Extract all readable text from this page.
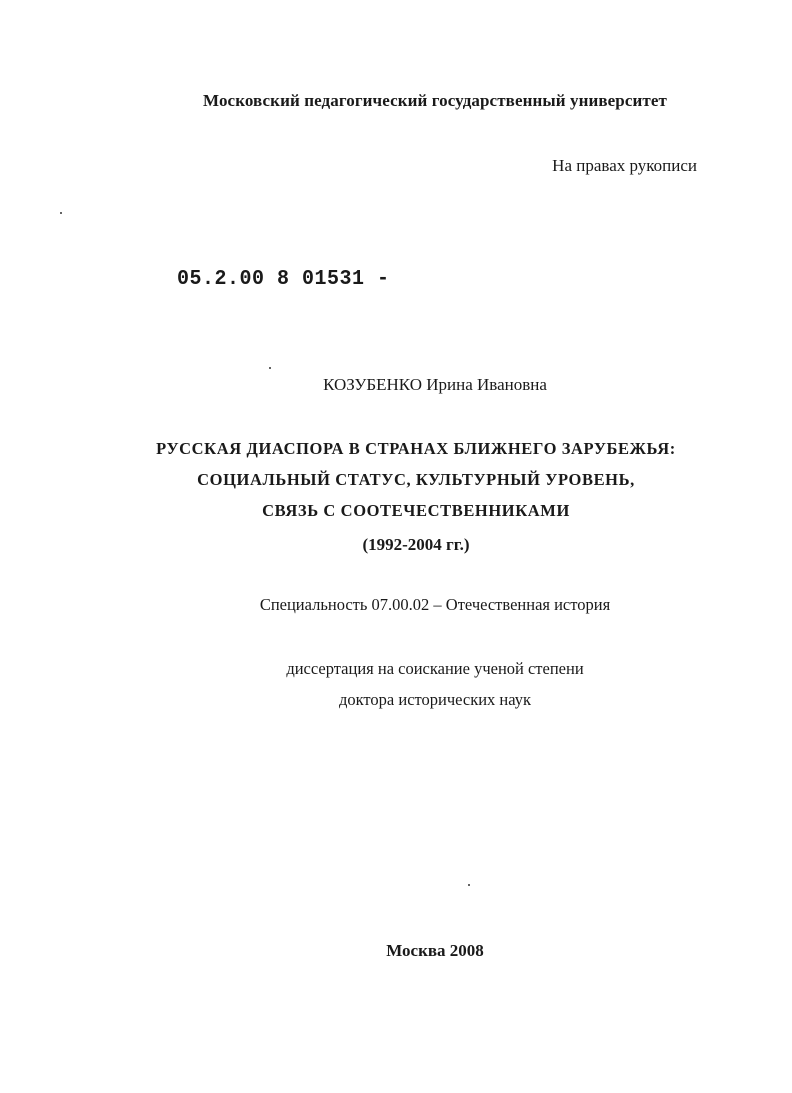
Московский педагогический государственный университет
На правах рукописи
05.2.00 8 01531 -
КОЗУБЕНКО Ирина Ивановна
РУССКАЯ ДИАСПОРА В СТРАНАХ БЛИЖНЕГО ЗАРУБЕЖЬЯ:
СОЦИАЛЬНЫЙ СТАТУС, КУЛЬТУРНЫЙ УРОВЕНЬ,
СВЯЗЬ С СООТЕЧЕСТВЕННИКАМИ
(1992-2004 гг.)
Специальность 07.00.02 – Отечественная история
диссертация на соискание ученой степени
доктора исторических наук
Москва 2008
